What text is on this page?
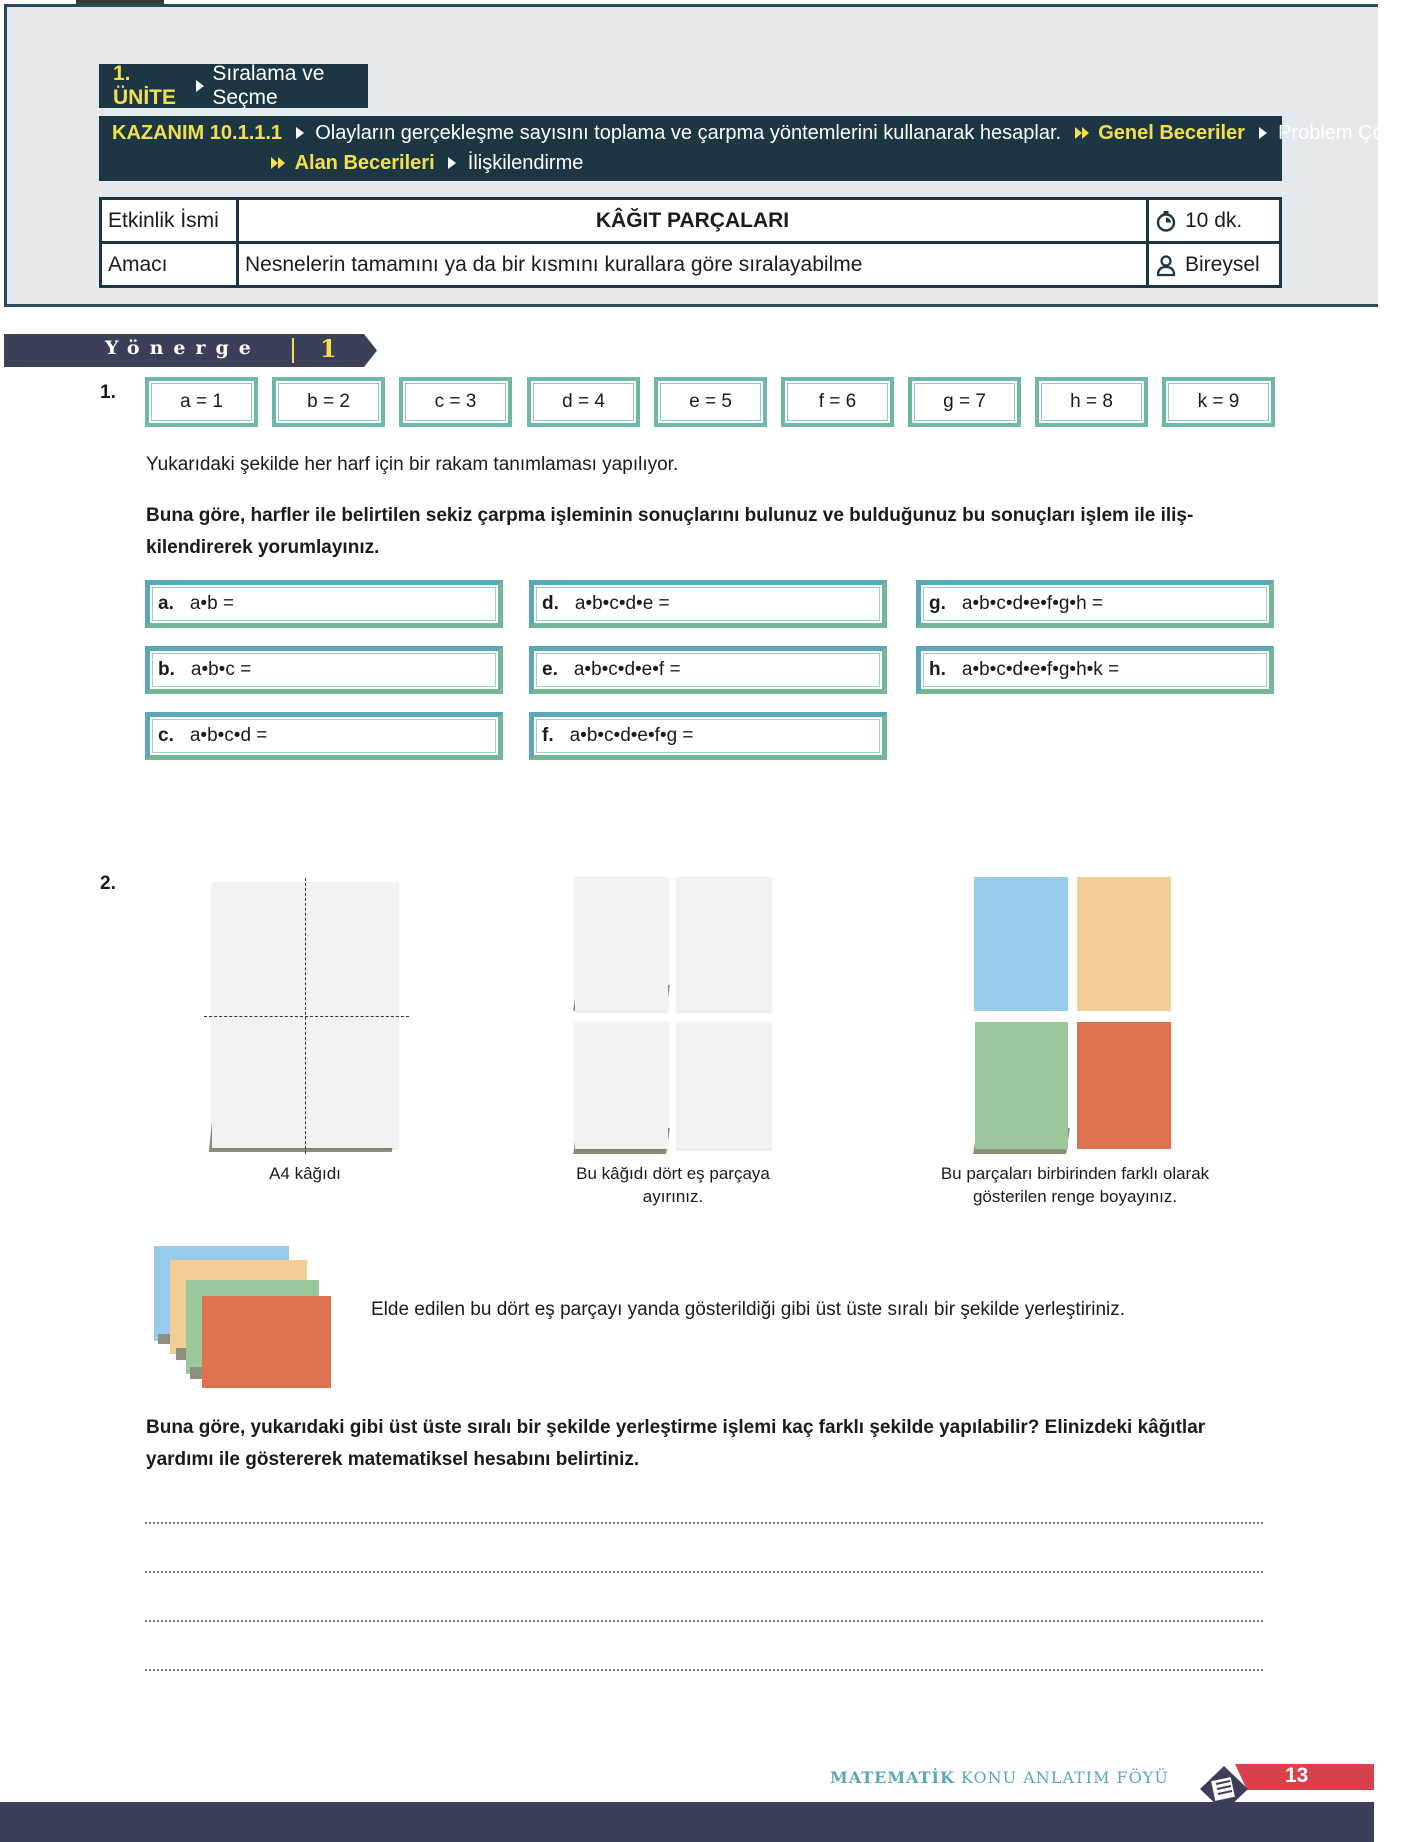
1. ÜNİTE
Sıralama ve Seçme
KAZANIM 10.1.1.1 Olayların gerçekleşme sayısını toplama ve çarpma yöntemlerini kullanarak hesaplar. Genel Beceriler Problem Çözme
Alan Becerileri İlişkilendirme
Etkinlik İsmi	KÂĞIT PARÇALARI	10 dk.
Amacı	Nesnelerin tamamını ya da bir kısmını kurallara göre sıralayabilme	Bireysel
Yönerge 1
1.	a = 1	b = 2	c = 3	d = 4	e = 5	f = 6	g = 7	h = 8	k = 9
Yukarıdaki şekilde her harf için bir rakam tanımlaması yapılıyor.
Buna göre, harfler ile belirtilen sekiz çarpma işleminin sonuçlarını bulunuz ve bulduğunuz bu sonuçları işlem ile iliş-
kilendirerek yorumlayınız.
a. a•b =
b. a•b•c =
c. a•b•c•d =
d. a•b•c•d•e =
e. a•b•c•d•e•f =
f. a•b•c•d•e•f•g =
g. a•b•c•d•e•f•g•h =
h. a•b•c•d•e•f•g•h•k =
2.
A4 kâğıdı	Bu kâğıdı dört eş parçaya
ayırınız.
Bu parçaları birbirinden farklı olarak
gösterilen renge boyayınız.
Elde edilen bu dört eş parçayı yanda gösterildiği gibi üst üste sıralı bir şekilde yerleştiriniz.
Buna göre, yukarıdaki gibi üst üste sıralı bir şekilde yerleştirme işlemi kaç farklı şekilde yapılabilir? Elinizdeki kâğıtlar
yardımı ile göstererek matematiksel hesabını belirtiniz.
MATEMATİK KONU ANLATIM FÖYÜ	13
